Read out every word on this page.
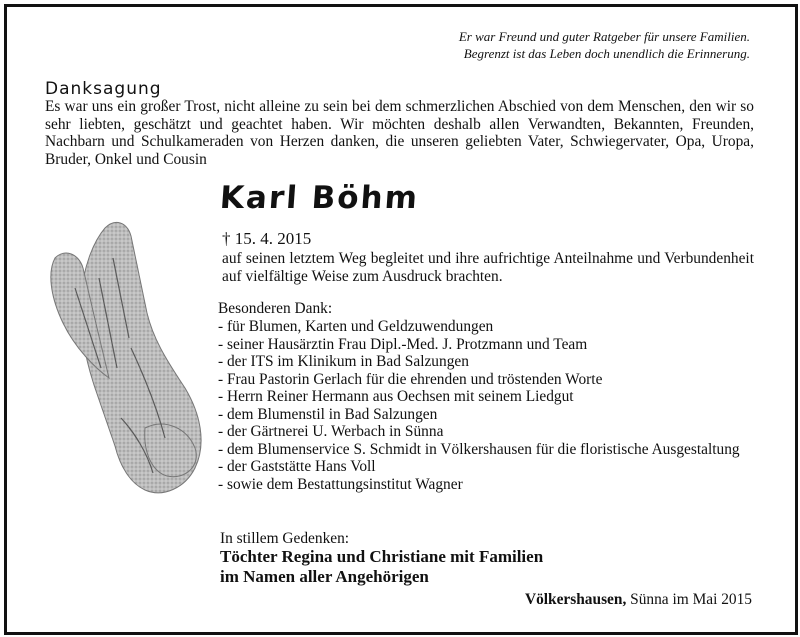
Er war Freund und guter Ratgeber für unsere Familien.
Begrenzt ist das Leben doch unendlich die Erinnerung.
Danksagung
Es war uns ein großer Trost, nicht alleine zu sein bei dem schmerzlichen Abschied von dem Menschen, den wir so sehr liebten, geschätzt und geachtet haben. Wir möchten deshalb allen Verwandten, Bekannten, Freunden, Nachbarn und Schulkameraden von Herzen danken, die unseren geliebten Vater, Schwiegervater, Opa, Uropa, Bruder, Onkel und Cousin
Karl Böhm
† 15. 4. 2015
auf seinen letztem Weg begleitet und ihre aufrichtige Anteilnahme und Verbundenheit auf vielfältige Weise zum Ausdruck brachten.
Besonderen Dank:
- für Blumen, Karten und Geldzuwendungen
- seiner Hausärztin Frau Dipl.-Med. J. Protzmann und Team
- der ITS im Klinikum in Bad Salzungen
- Frau Pastorin Gerlach für die ehrenden und tröstenden Worte
- Herrn Reiner Hermann aus Oechsen mit seinem Liedgut
- dem Blumenstil in Bad Salzungen
- der Gärtnerei U. Werbach in Sünna
- dem Blumenservice S. Schmidt in Völkershausen für die floristische Ausgestaltung
- der Gaststätte Hans Voll
- sowie dem Bestattungsinstitut Wagner
In stillem Gedenken:
Töchter Regina und Christiane mit Familien
im Namen aller Angehörigen
Völkershausen, Sünna im Mai 2015
